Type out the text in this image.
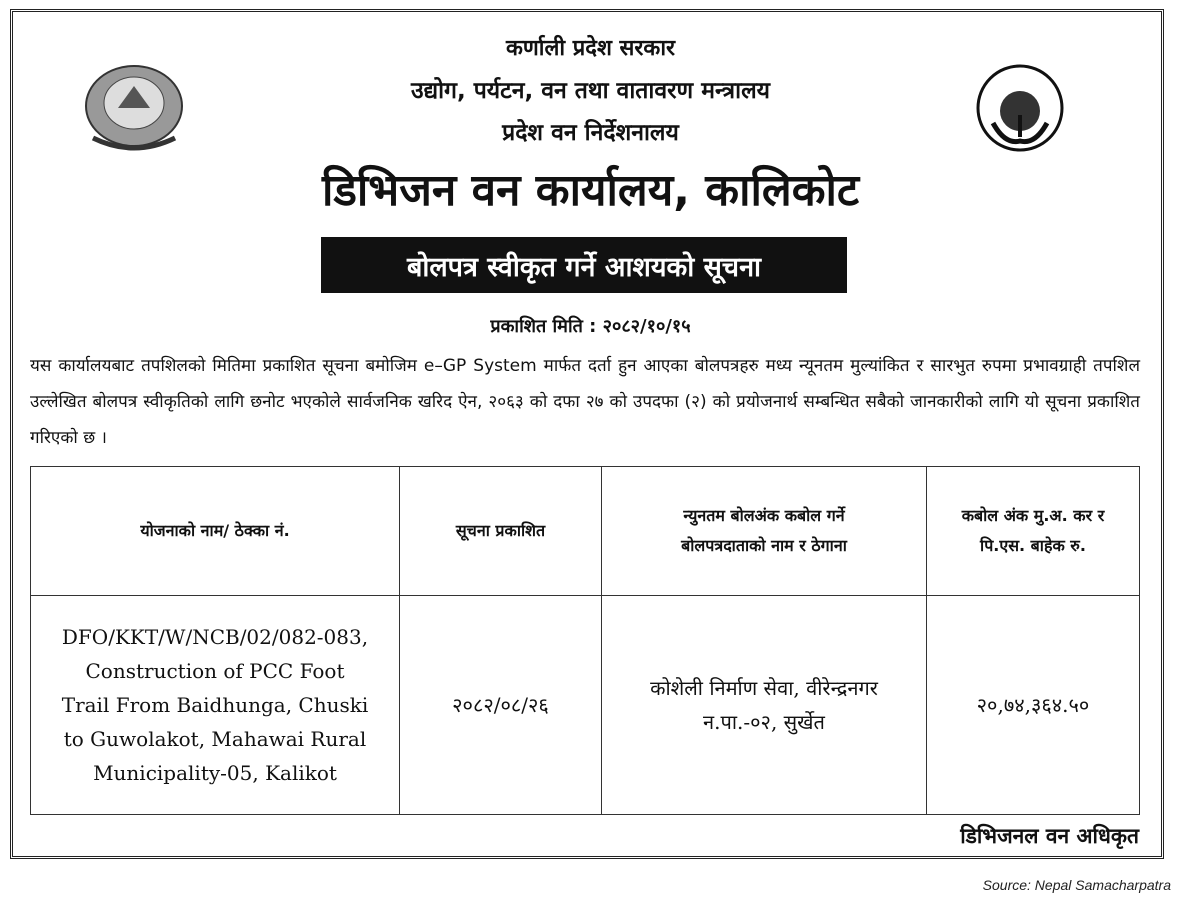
कर्णाली प्रदेश सरकार
उद्योग, पर्यटन, वन तथा वातावरण मन्त्रालय
प्रदेश वन निर्देशनालय
डिभिजन वन कार्यालय, कालिकोट
बोलपत्र स्वीकृत गर्ने आशयको सूचना
प्रकाशित मिति : २०८२/१०/१५
यस कार्यालयबाट तपशिलको मितिमा प्रकाशित सूचना बमोजिम e–GP System मार्फत दर्ता हुन आएका बोलपत्रहरु मध्य न्यूनतम मुल्यांकित र सारभुत रुपमा प्रभावग्राही तपशिल उल्लेखित बोलपत्र स्वीकृतिको लागि छनोट भएकोले सार्वजनिक खरिद ऐन, २०६३ को दफा २७ को उपदफा (२) को प्रयोजनार्थ सम्बन्धित सबैको जानकारीको लागि यो सूचना प्रकाशित गरिएको छ ।
योजनाको नाम/ ठेक्का नं.	सूचना प्रकाशित	न्युनतम बोलअंक कबोल गर्ने बोलपत्रदाताको नाम र ठेगाना	कबोल अंक मु.अ. कर र पि.एस. बाहेक रु.
DFO/KKT/W/NCB/02/082-083, Construction of PCC Foot Trail From Baidhunga, Chuski to Guwolakot, Mahawai Rural Municipality-05, Kalikot	२०८२/०८/२६	कोशेली निर्माण सेवा, वीरेन्द्रनगर न.पा.-०२, सुर्खेत	२०,७४,३६४.५०
डिभिजनल वन अधिकृत
Source: Nepal Samacharpatra
